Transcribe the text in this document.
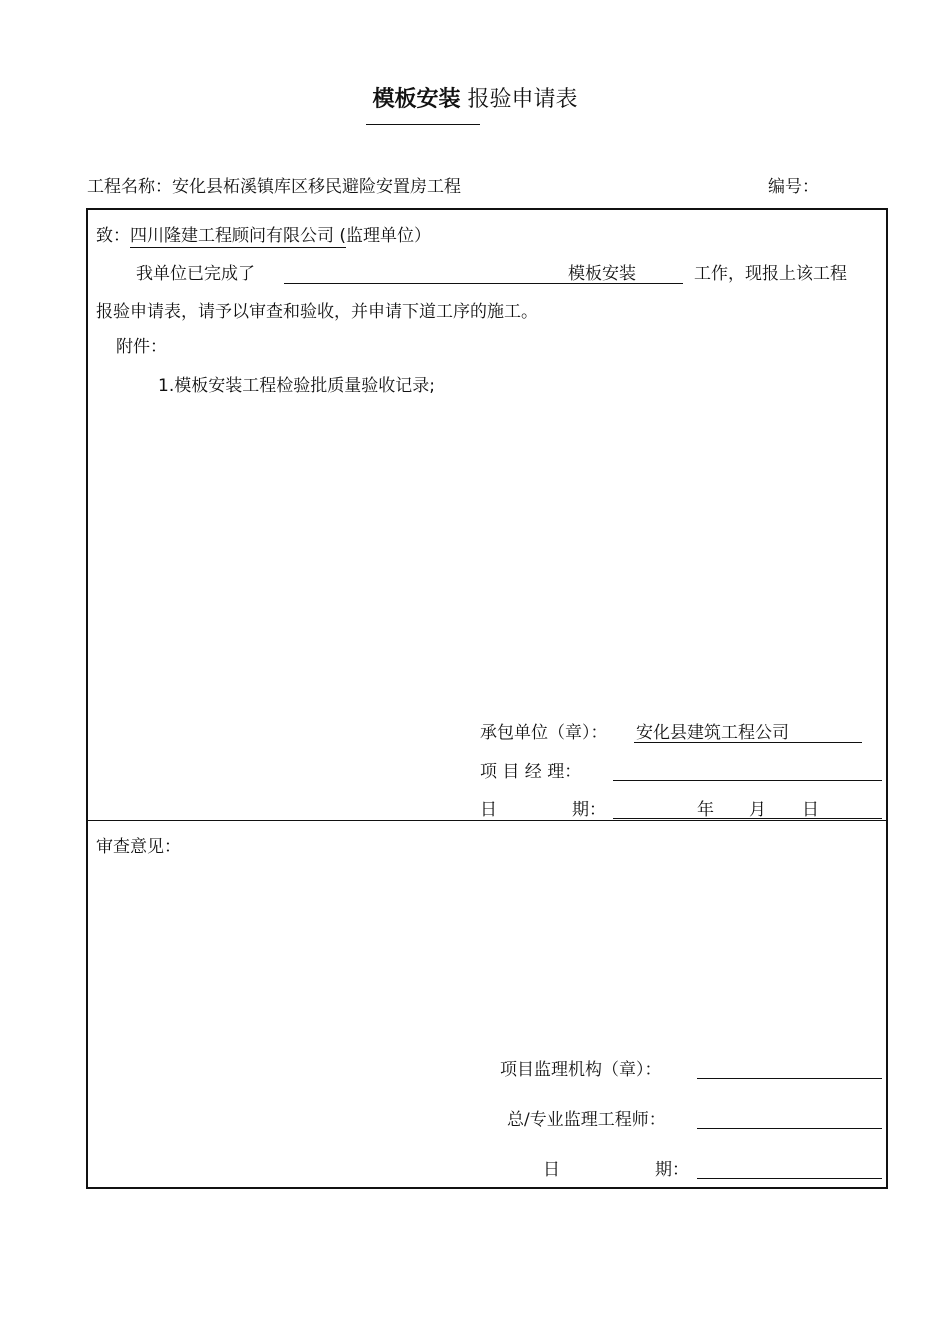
模板安装 报验申请表
工程名称：安化县柘溪镇库区移民避险安置房工程	编号：
致：四川隆建工程顾问有限公司 (监理单位）
我单位已完成了	模板安装	工作，现报上该工程
报验申请表，请予以审查和验收，并申请下道工序的施工。
附件：
1.模板安装工程检验批质量验收记录;
承包单位（章）： 安化县建筑工程公司
项 目 经 理：
日	期：	年 月 日
审查意见：
项目监理机构（章）：
总/专业监理工程师：
日	期：
